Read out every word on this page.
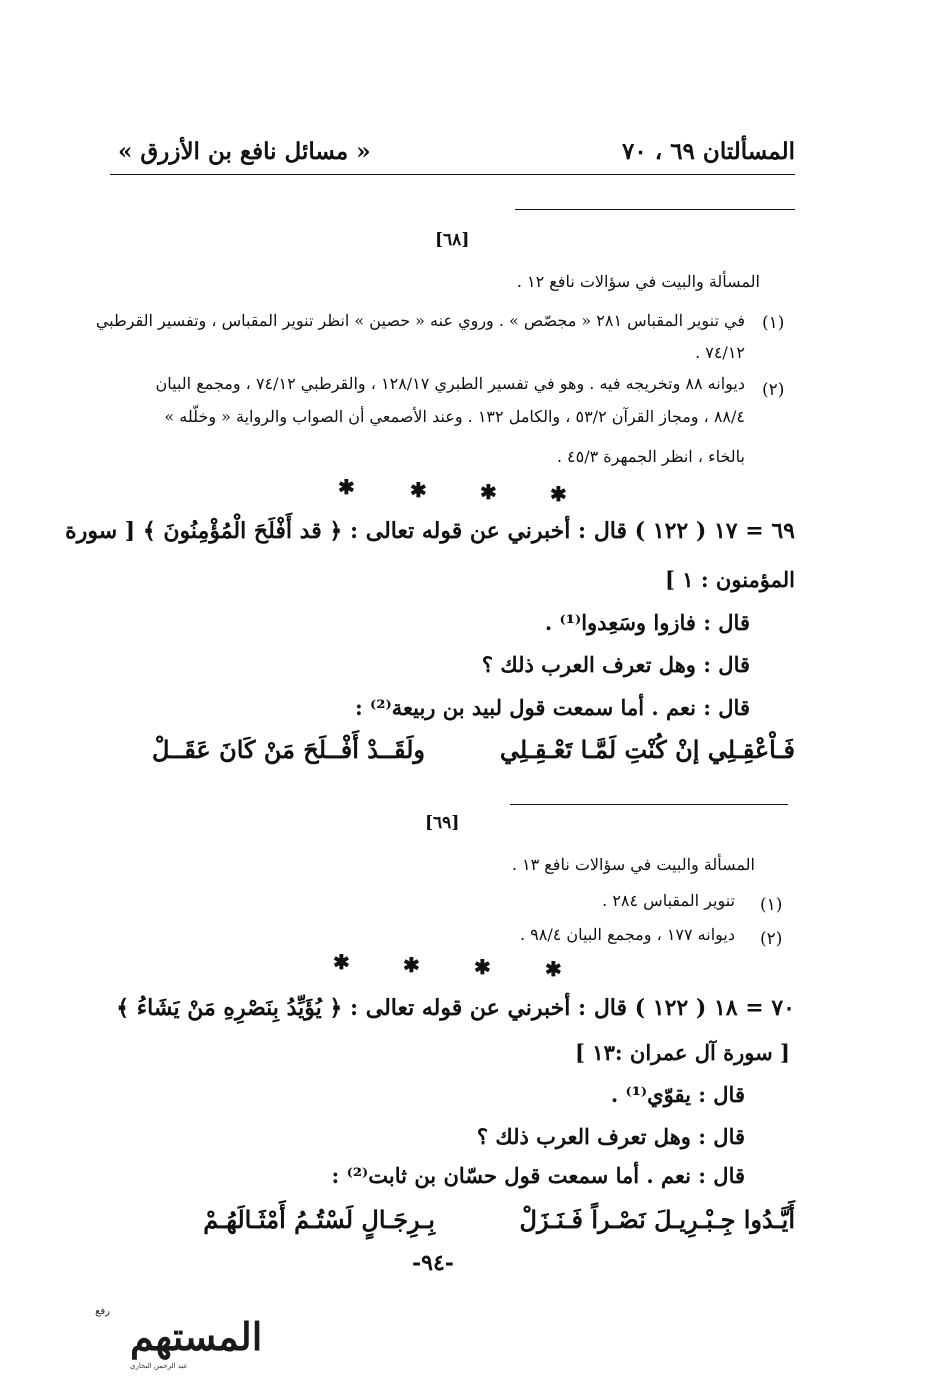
المسألتان ٦٩ ، ٧٠
« مسائل نافع بن الأزرق »
[٦٨]
المسألة والبيت في سؤالات نافع ١٢ .
(١)
في تنوير المقباس ٢٨١ « مجصّص » . وروي عنه « حصين » انظر تنوير المقباس ، وتفسير القرطبي
٧٤/١٢ .
(٢)
ديوانه ٨٨ وتخريجه فيه . وهو في تفسير الطبري ١٢٨/١٧ ، والقرطبي ٧٤/١٢ ، ومجمع البيان
٨٨/٤ ، ومجاز القرآن ٥٣/٢ ، والكامل ١٣٢ . وعند الأصمعي أن الصواب والرواية « وخلّله »
بالخاء ، انظر الجمهرة ٤٥/٣ .
✱	✱	✱	✱
٦٩ = ١٧ ( ١٢٢ ) قال : أخبرني عن قوله تعالى : ﴿ قد أَفْلَحَ الْمُؤْمِنُونَ ﴾ [ سورة
المؤمنون : ١ ]
قال : فازوا وسَعِدوا⁽¹⁾ .
قال : وهل تعرف العرب ذلك ؟
قال : نعم . أما سمعت قول لبيد بن ربيعة⁽²⁾ :
ولَقَــدْ أَفْــلَحَ مَنْ كَانَ عَقَــلْ	فَـاْعْقِـلِي إنْ كُنْتِ لَمَّـا تَعْـقِـلِي
[٦٩]
المسألة والبيت في سؤالات نافع ١٣ .
(١)
تنوير المقباس ٢٨٤ .
(٢)
ديوانه ١٧٧ ، ومجمع البيان ٩٨/٤ .
✱	✱	✱	✱
٧٠ = ١٨ ( ١٢٢ ) قال : أخبرني عن قوله تعالى : ﴿ يُؤَيِّدُ بِنَصْرِهِ مَنْ يَشَاءُ ﴾
[ سورة آل عمران :١٣ ]
قال : يقوّي⁽¹⁾ .
قال : وهل تعرف العرب ذلك ؟
قال : نعم . أما سمعت قول حسّان بن ثابت⁽²⁾ :
أَيَّـدُوا جِـبْـرِيـلَ نَصْـراً فَـنَـزَلْ
بِـرِجَـالٍ لَسْتُـمُ أَمْثَـالَهُـمْ
-٩٤-
رفع
المستهم
عبد الرحمن البخاري
